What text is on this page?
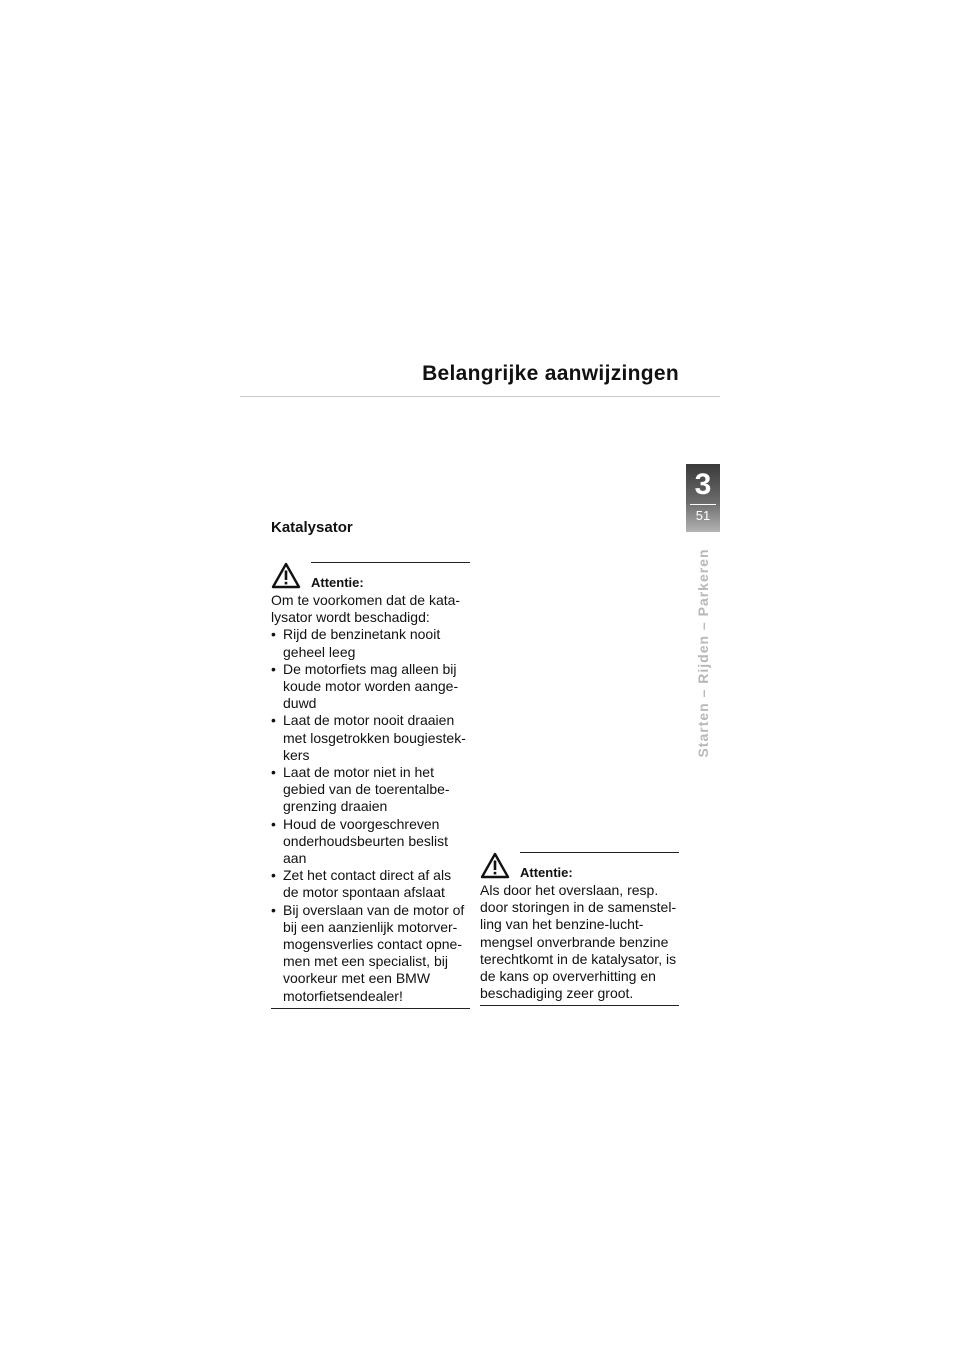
Belangrijke aanwijzingen
3
51
Starten – Rijden – Parkeren
Katalysator
Attentie:

Om te voorkomen dat de kata-lysator wordt beschadigd:

• Rijd de benzinetank nooit geheel leeg
• De motorfiets mag alleen bij koude motor worden aange-duwd
• Laat de motor nooit draaien met losgetrokken bougiestek-kers
• Laat de motor niet in het gebied van de toerentalbe-grenzing draaien
• Houd de voorgeschreven onderhoudsbeurten beslist aan
• Zet het contact direct af als de motor spontaan afslaat
• Bij overslaan van de motor of bij een aanzienlijk motorver-mogensverlies contact opne-men met een specialist, bij voorkeur met een BMW motorfietsendealer!
Attentie:

Als door het overslaan, resp. door storingen in de samenstel-ling van het benzine-lucht-mengsel onverbrande benzine terechtkomt in de katalysator, is de kans op oververhitting en beschadiging zeer groot.
